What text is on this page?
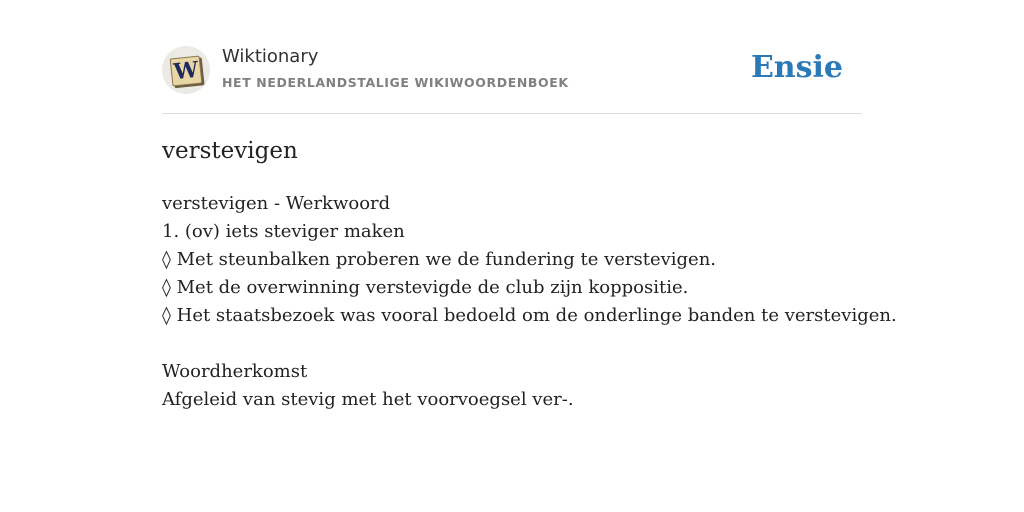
W
Wiktionary
HET NEDERLANDSTALIGE WIKIWOORDENBOEK	Ensie
verstevigen
verstevigen - Werkwoord
1. (ov) iets steviger maken
◊ Met steunbalken proberen we de fundering te verstevigen.
◊ Met de overwinning verstevigde de club zijn koppositie.
◊ Het staatsbezoek was vooral bedoeld om de onderlinge banden te verstevigen.
Woordherkomst
Afgeleid van stevig met het voorvoegsel ver-.
